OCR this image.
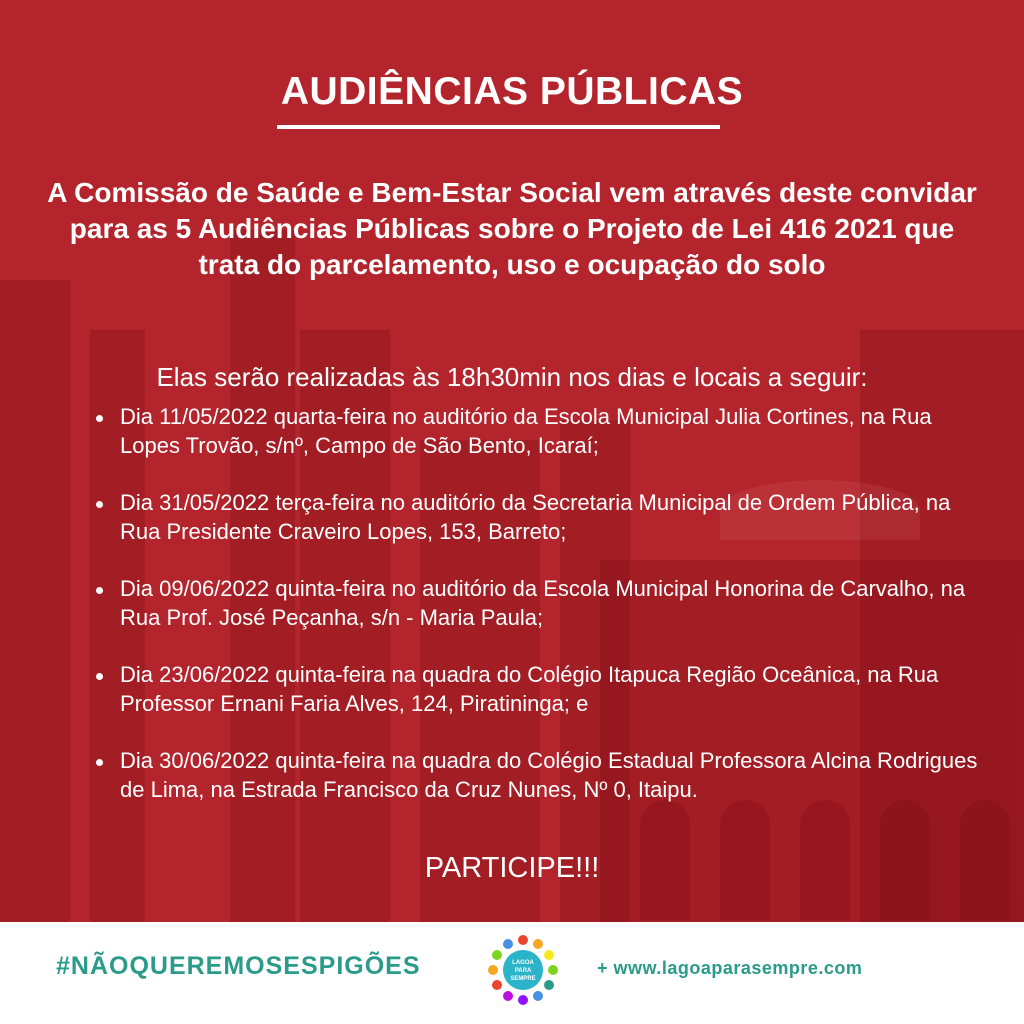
AUDIÊNCIAS PÚBLICAS
A Comissão de Saúde e Bem-Estar Social vem através deste convidar para as 5 Audiências Públicas sobre o Projeto de Lei 416 2021 que trata do parcelamento, uso e ocupação do solo
Elas serão realizadas às 18h30min nos dias e locais a seguir:
Dia 11/05/2022 quarta-feira no auditório da Escola Municipal Julia Cortines, na Rua Lopes Trovão, s/nº, Campo de São Bento, Icaraí;
Dia 31/05/2022 terça-feira no auditório da Secretaria Municipal de Ordem Pública, na Rua Presidente Craveiro Lopes, 153, Barreto;
Dia 09/06/2022 quinta-feira no auditório da Escola Municipal Honorina de Carvalho, na Rua Prof. José Peçanha, s/n - Maria Paula;
Dia 23/06/2022 quinta-feira na quadra do Colégio Itapuca Região Oceânica, na Rua Professor Ernani Faria Alves, 124, Piratininga; e
Dia 30/06/2022 quinta-feira na quadra do Colégio Estadual Professora Alcina Rodrigues de Lima, na Estrada Francisco da Cruz Nunes, Nº 0, Itaipu.
PARTICIPE!!!
#NÃOQUEREMOSESPIGÕES	LAGOA
PARA
SEMPRE
+ www.lagoaparasempre.com
